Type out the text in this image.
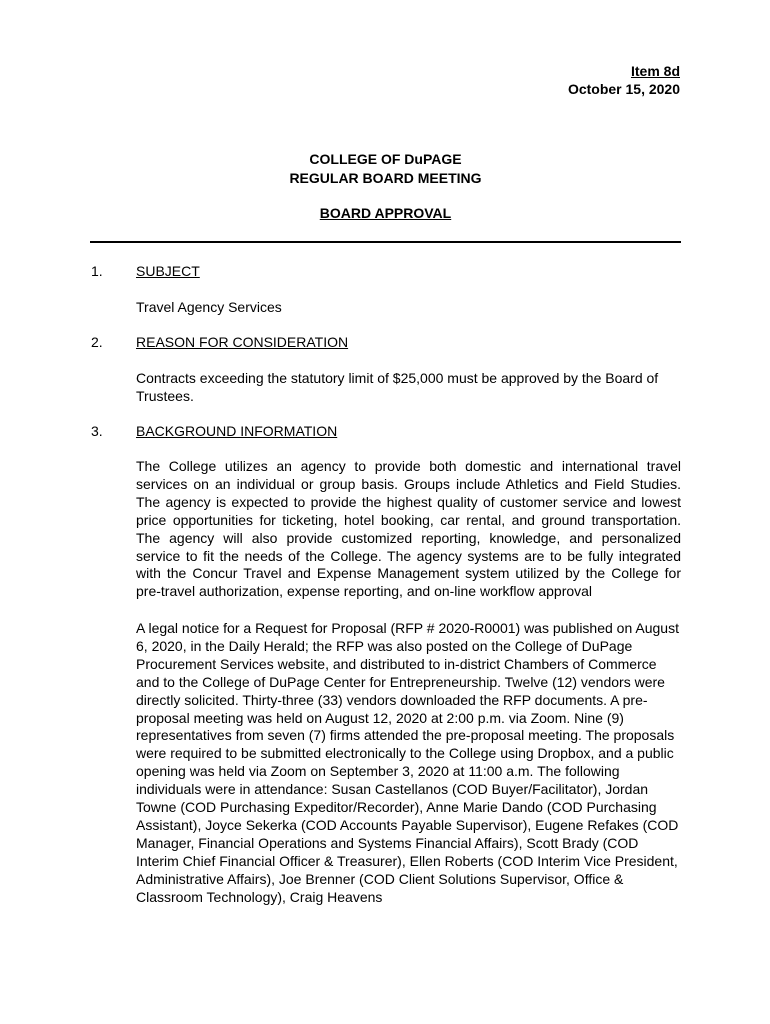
Item 8d
October 15, 2020
COLLEGE OF DuPAGE
REGULAR BOARD MEETING
BOARD APPROVAL
1. SUBJECT
Travel Agency Services
2. REASON FOR CONSIDERATION
Contracts exceeding the statutory limit of $25,000 must be approved by the Board of Trustees.
3. BACKGROUND INFORMATION
The College utilizes an agency to provide both domestic and international travel services on an individual or group basis. Groups include Athletics and Field Studies. The agency is expected to provide the highest quality of customer service and lowest price opportunities for ticketing, hotel booking, car rental, and ground transportation. The agency will also provide customized reporting, knowledge, and personalized service to fit the needs of the College. The agency systems are to be fully integrated with the Concur Travel and Expense Management system utilized by the College for pre-travel authorization, expense reporting, and on-line workflow approval
A legal notice for a Request for Proposal (RFP # 2020-R0001) was published on August 6, 2020, in the Daily Herald; the RFP was also posted on the College of DuPage Procurement Services website, and distributed to in-district Chambers of Commerce and to the College of DuPage Center for Entrepreneurship. Twelve (12) vendors were directly solicited. Thirty-three (33) vendors downloaded the RFP documents. A pre-proposal meeting was held on August 12, 2020 at 2:00 p.m. via Zoom. Nine (9) representatives from seven (7) firms attended the pre-proposal meeting. The proposals were required to be submitted electronically to the College using Dropbox, and a public opening was held via Zoom on September 3, 2020 at 11:00 a.m. The following individuals were in attendance: Susan Castellanos (COD Buyer/Facilitator), Jordan Towne (COD Purchasing Expeditor/Recorder), Anne Marie Dando (COD Purchasing Assistant), Joyce Sekerka (COD Accounts Payable Supervisor), Eugene Refakes (COD Manager, Financial Operations and Systems Financial Affairs), Scott Brady (COD Interim Chief Financial Officer & Treasurer), Ellen Roberts (COD Interim Vice President, Administrative Affairs), Joe Brenner (COD Client Solutions Supervisor, Office & Classroom Technology), Craig Heavens
